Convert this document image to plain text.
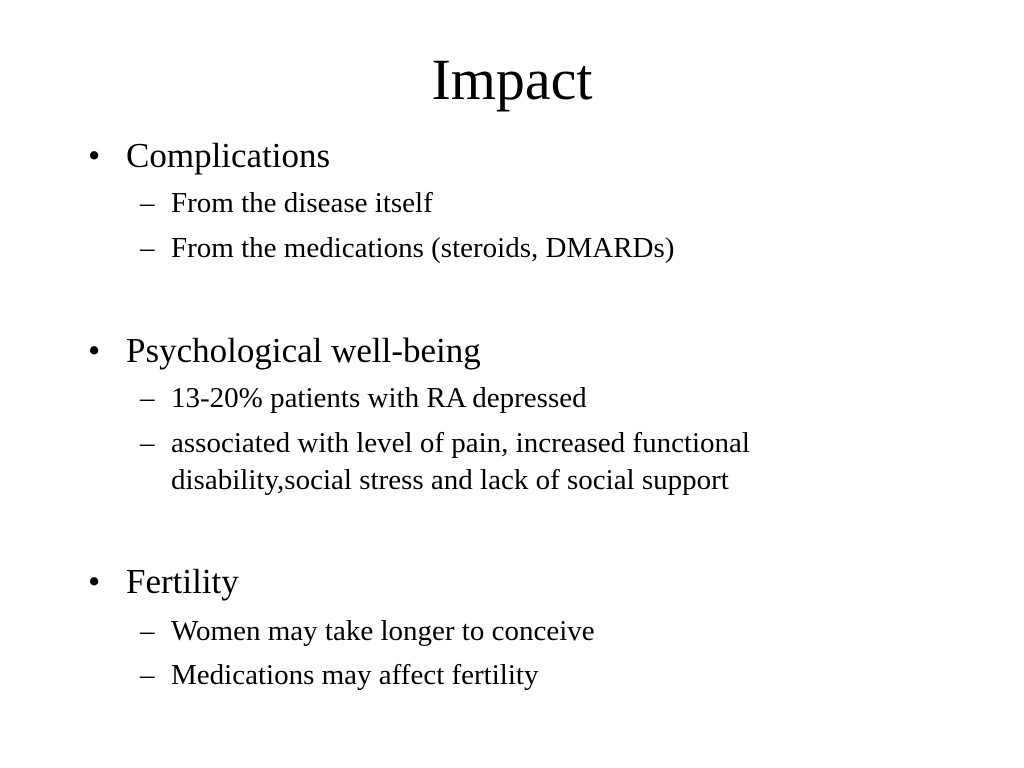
Impact
• Complications
– From the disease itself
– From the medications (steroids, DMARDs)
• Psychological well-being
– 13-20% patients with RA depressed
– associated with level of pain, increased functional
disability,social stress and lack of social support
• Fertility
– Women may take longer to conceive
– Medications may affect fertility
